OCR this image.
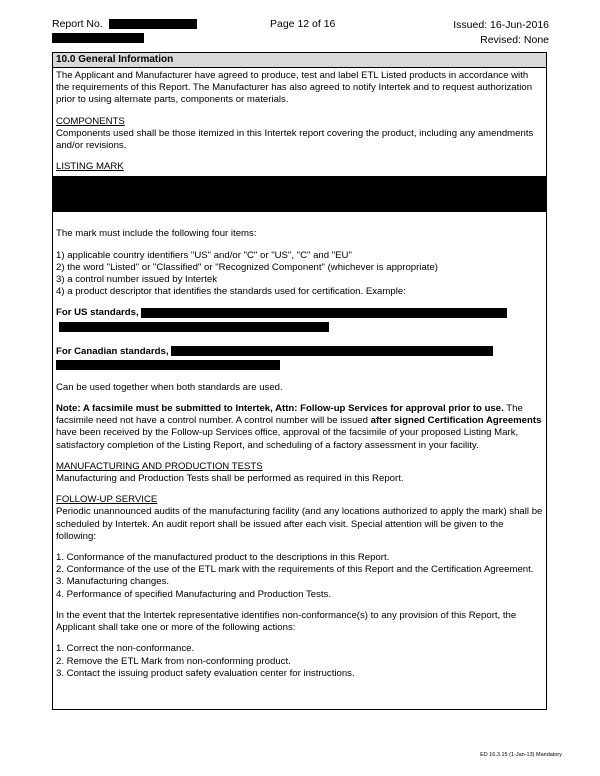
Report No.	Page 12 of 16	Issued: 16-Jun-2016
Revised: None
10.0 General Information

The Applicant and Manufacturer have agreed to produce, test and label ETL Listed products in accordance with the requirements of this Report. The Manufacturer has also agreed to notify Intertek and to request authorization prior to using alternate parts, components or materials.

COMPONENTS

Components used shall be those itemized in this Intertek report covering the product, including any amendments and/or revisions.

LISTING MARK

The mark must include the following four items:

1) applicable country identifiers "US" and/or "C" or "US", "C" and "EU"

2) the word "Listed" or "Classified" or "Recognized Component" (whichever is appropriate)

3) a control number issued by Intertek

4) a product descriptor that identifies the standards used for certification. Example:

For US standards,

For Canadian standards,

Can be used together when both standards are used.

Note: A facsimile must be submitted to Intertek, Attn: Follow-up Services for approval prior to use. The facsimile need not have a control number. A control number will be issued after signed Certification Agreements have been received by the Follow-up Services office, approval of the facsimile of your proposed Listing Mark, satisfactory completion of the Listing Report, and scheduling of a factory assessment in your facility.

MANUFACTURING AND PRODUCTION TESTS

Manufacturing and Production Tests shall be performed as required in this Report.

FOLLOW-UP SERVICE

Periodic unannounced audits of the manufacturing facility (and any locations authorized to apply the mark) shall be scheduled by Intertek. An audit report shall be issued after each visit. Special attention will be given to the following:

1. Conformance of the manufactured product to the descriptions in this Report.

2. Conformance of the use of the ETL mark with the requirements of this Report and the Certification Agreement.

3. Manufacturing changes.

4. Performance of specified Manufacturing and Production Tests.

In the event that the Intertek representative identifies non-conformance(s) to any provision of this Report, the Applicant shall take one or more of the following actions:

1. Correct the non-conformance.

2. Remove the ETL Mark from non-conforming product.

3. Contact the issuing product safety evaluation center for instructions.

ED 16.3.15 (1-Jan-13) Mandatory
